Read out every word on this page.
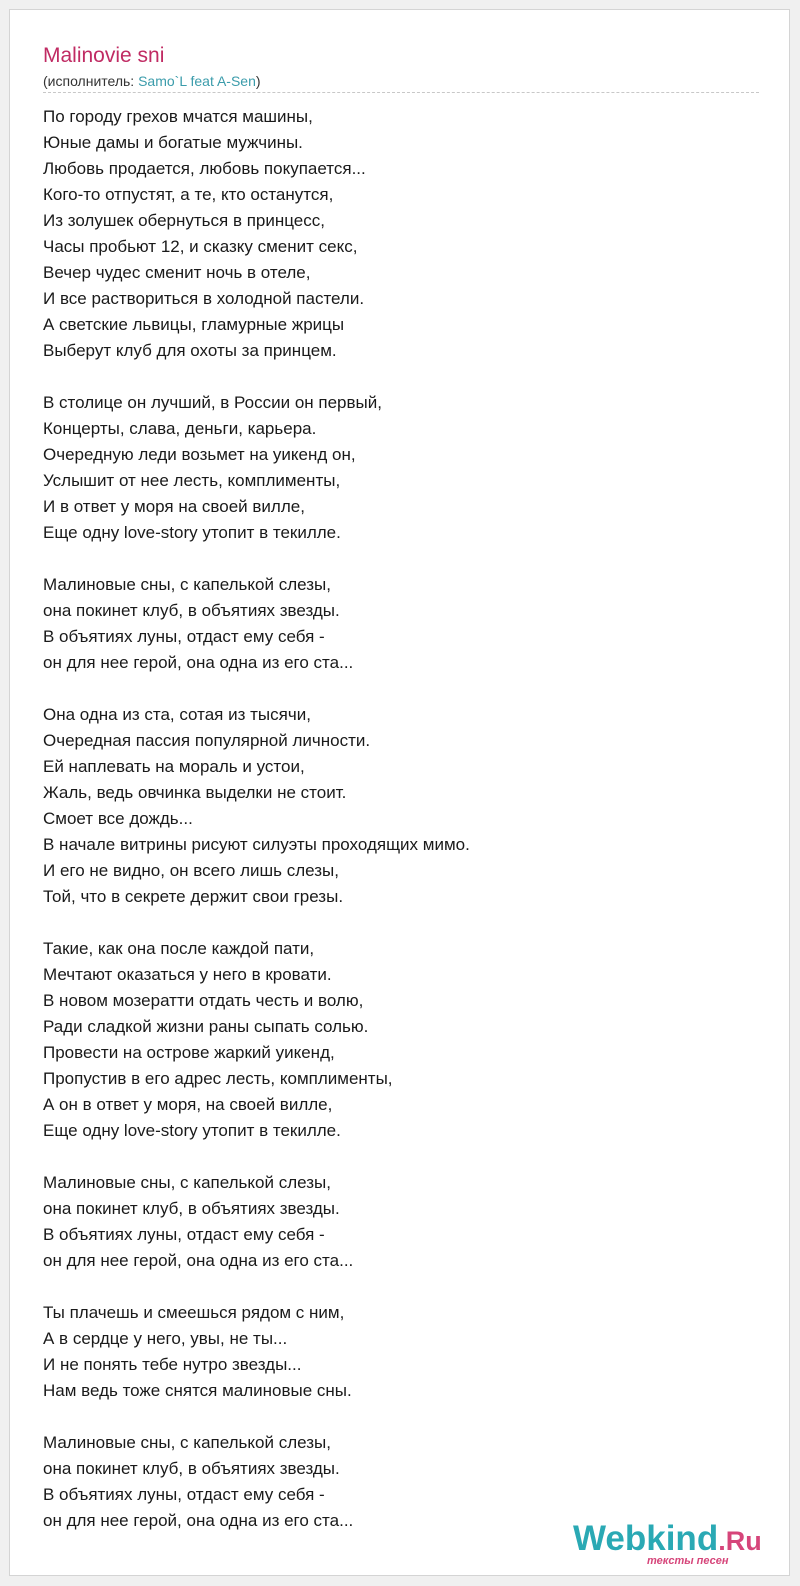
Malinovie sni

(исполнитель: Samo`L feat A-Sen)

По городу грехов мчатся машины,
Юные дамы и богатые мужчины.
Любовь продается, любовь покупается...
Кого-то отпустят, а те, кто останутся,
Из золушек обернуться в принцесс,
Часы пробьют 12, и сказку сменит секс,
Вечер чудес сменит ночь в отеле,
И все раствориться в холодной пастели.
А светские львицы, гламурные жрицы
Выберут клуб для охоты за принцем.
В столице он лучший, в России он первый,
Концерты, слава, деньги, карьера.
Очередную леди возьмет на уикенд он,
Услышит от нее лесть, комплименты,
И в ответ у моря на своей вилле,
Еще одну love-story утопит в текилле.
Малиновые сны, с капелькой слезы,
она покинет клуб, в объятиях звезды.
В объятиях луны, отдаст ему себя -
он для нее герой, она одна из его ста...
Она одна из ста, сотая из тысячи,
Очередная пассия популярной личности.
Ей наплевать на мораль и устои,
Жаль, ведь овчинка выделки не стоит.
Смоет все дождь...
В начале витрины рисуют силуэты проходящих мимо.
И его не видно, он всего лишь слезы,
Той, что в секрете держит свои грезы.
Такие, как она после каждой пати,
Мечтают оказаться у него в кровати.
В новом мозератти отдать честь и волю,
Ради сладкой жизни раны сыпать солью.
Провести на острове жаркий уикенд,
Пропустив в его адрес лесть, комплименты,
А он в ответ у моря, на своей вилле,
Еще одну love-story утопит в текилле.
Малиновые сны, с капелькой слезы,
она покинет клуб, в объятиях звезды.
В объятиях луны, отдаст ему себя -
он для нее герой, она одна из его ста...
Ты плачешь и смеешься рядом с ним,
А в сердце у него, увы, не ты...
И не понять тебе нутро звезды...
Нам ведь тоже снятся малиновые сны.
Малиновые сны, с капелькой слезы,
она покинет клуб, в объятиях звезды.
В объятиях луны, отдаст ему себя -
он для нее герой, она одна из его ста...	Webkind.Ru
тексты песен
